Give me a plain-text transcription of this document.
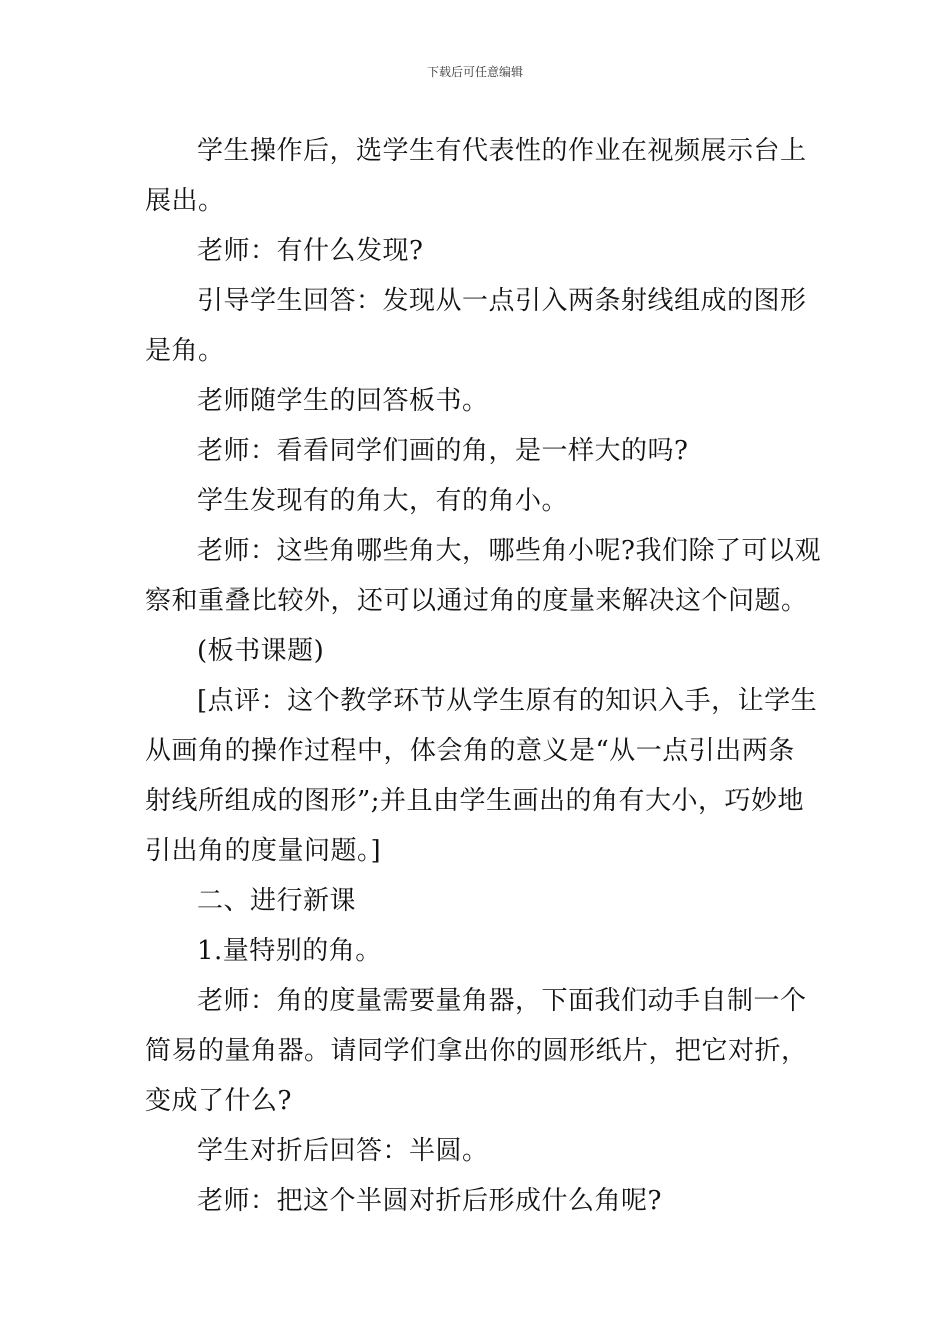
下载后可任意编辑
学生操作后，选学生有代表性的作业在视频展示台上
展出。
老师：有什么发现?
引导学生回答：发现从一点引入两条射线组成的图形
是角。
老师随学生的回答板书。
老师：看看同学们画的角，是一样大的吗?
学生发现有的角大，有的角小。
老师：这些角哪些角大，哪些角小呢?我们除了可以观
察和重叠比较外，还可以通过角的度量来解决这个问题。
(板书课题)
[点评：这个教学环节从学生原有的知识入手，让学生
从画角的操作过程中，体会角的意义是“从一点引出两条
射线所组成的图形”;并且由学生画出的角有大小，巧妙地
引出角的度量问题。]
二、进行新课
1.量特别的角。
老师：角的度量需要量角器，下面我们动手自制一个
简易的量角器。请同学们拿出你的圆形纸片，把它对折，
变成了什么?
学生对折后回答：半圆。
老师：把这个半圆对折后形成什么角呢?
